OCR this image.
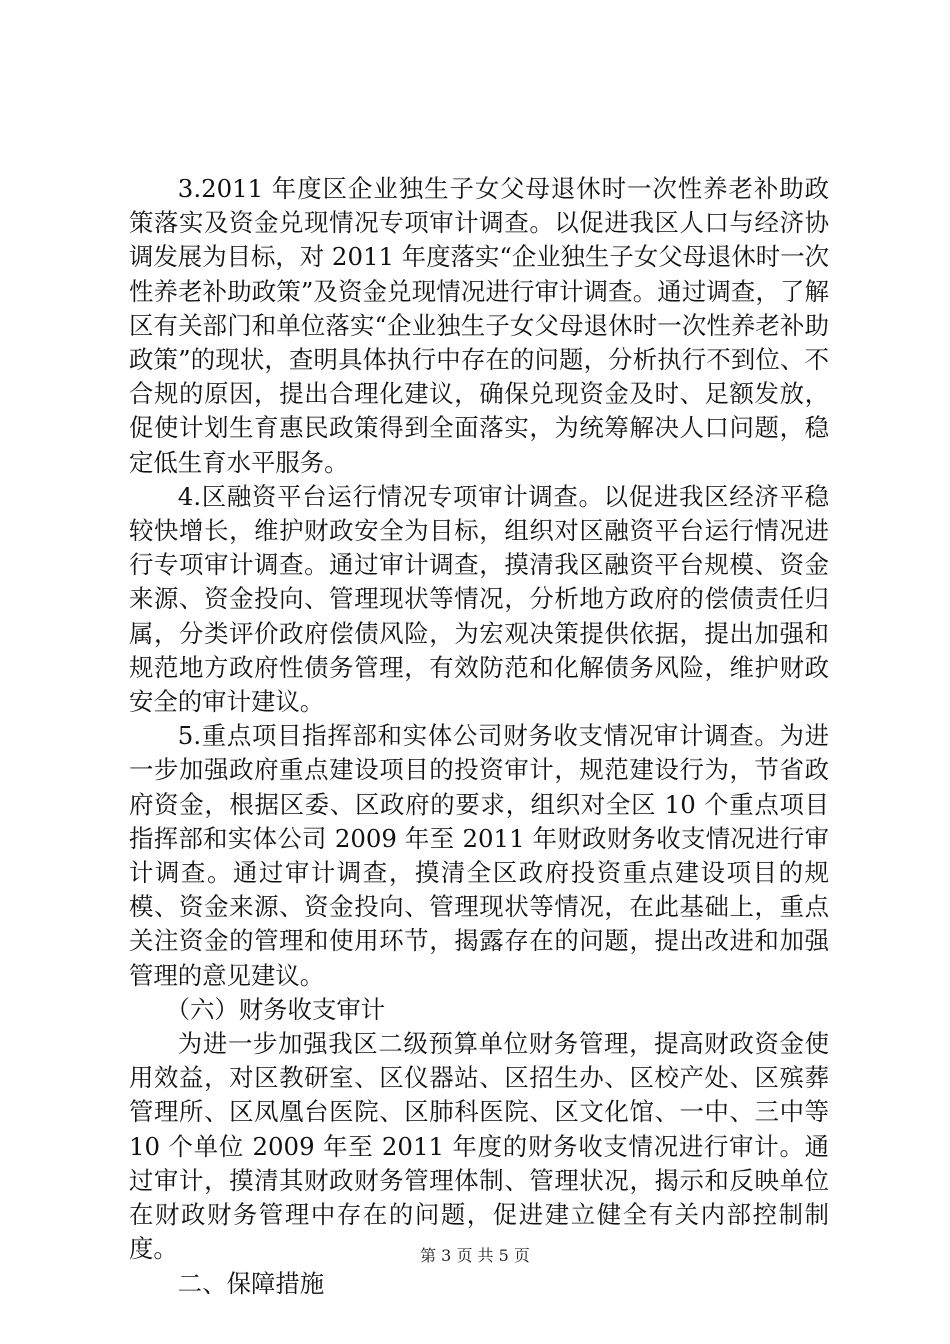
3.2011 年度区企业独生子女父母退休时一次性养老补助政策落实及资金兑现情况专项审计调查。以促进我区人口与经济协调发展为目标，对 2011 年度落实“企业独生子女父母退休时一次性养老补助政策”及资金兑现情况进行审计调查。通过调查，了解区有关部门和单位落实“企业独生子女父母退休时一次性养老补助政策”的现状，查明具体执行中存在的问题，分析执行不到位、不合规的原因，提出合理化建议，确保兑现资金及时、足额发放，促使计划生育惠民政策得到全面落实，为统筹解决人口问题，稳定低生育水平服务。

4.区融资平台运行情况专项审计调查。以促进我区经济平稳较快增长，维护财政安全为目标，组织对区融资平台运行情况进行专项审计调查。通过审计调查，摸清我区融资平台规模、资金来源、资金投向、管理现状等情况，分析地方政府的偿债责任归属，分类评价政府偿债风险，为宏观决策提供依据，提出加强和规范地方政府性债务管理，有效防范和化解债务风险，维护财政安全的审计建议。

5.重点项目指挥部和实体公司财务收支情况审计调查。为进一步加强政府重点建设项目的投资审计，规范建设行为，节省政府资金，根据区委、区政府的要求，组织对全区 10 个重点项目指挥部和实体公司 2009 年至 2011 年财政财务收支情况进行审计调查。通过审计调查，摸清全区政府投资重点建设项目的规模、资金来源、资金投向、管理现状等情况，在此基础上，重点关注资金的管理和使用环节，揭露存在的问题，提出改进和加强管理的意见建议。

（六）财务收支审计

为进一步加强我区二级预算单位财务管理，提高财政资金使用效益，对区教研室、区仪器站、区招生办、区校产处、区殡葬管理所、区凤凰台医院、区肺科医院、区文化馆、一中、三中等 10 个单位 2009 年至 2011 年度的财务收支情况进行审计。通过审计，摸清其财政财务管理体制、管理状况，揭示和反映单位在财政财务管理中存在的问题，促进建立健全有关内部控制制度。

二、保障措施

第 3 页 共 5 页
